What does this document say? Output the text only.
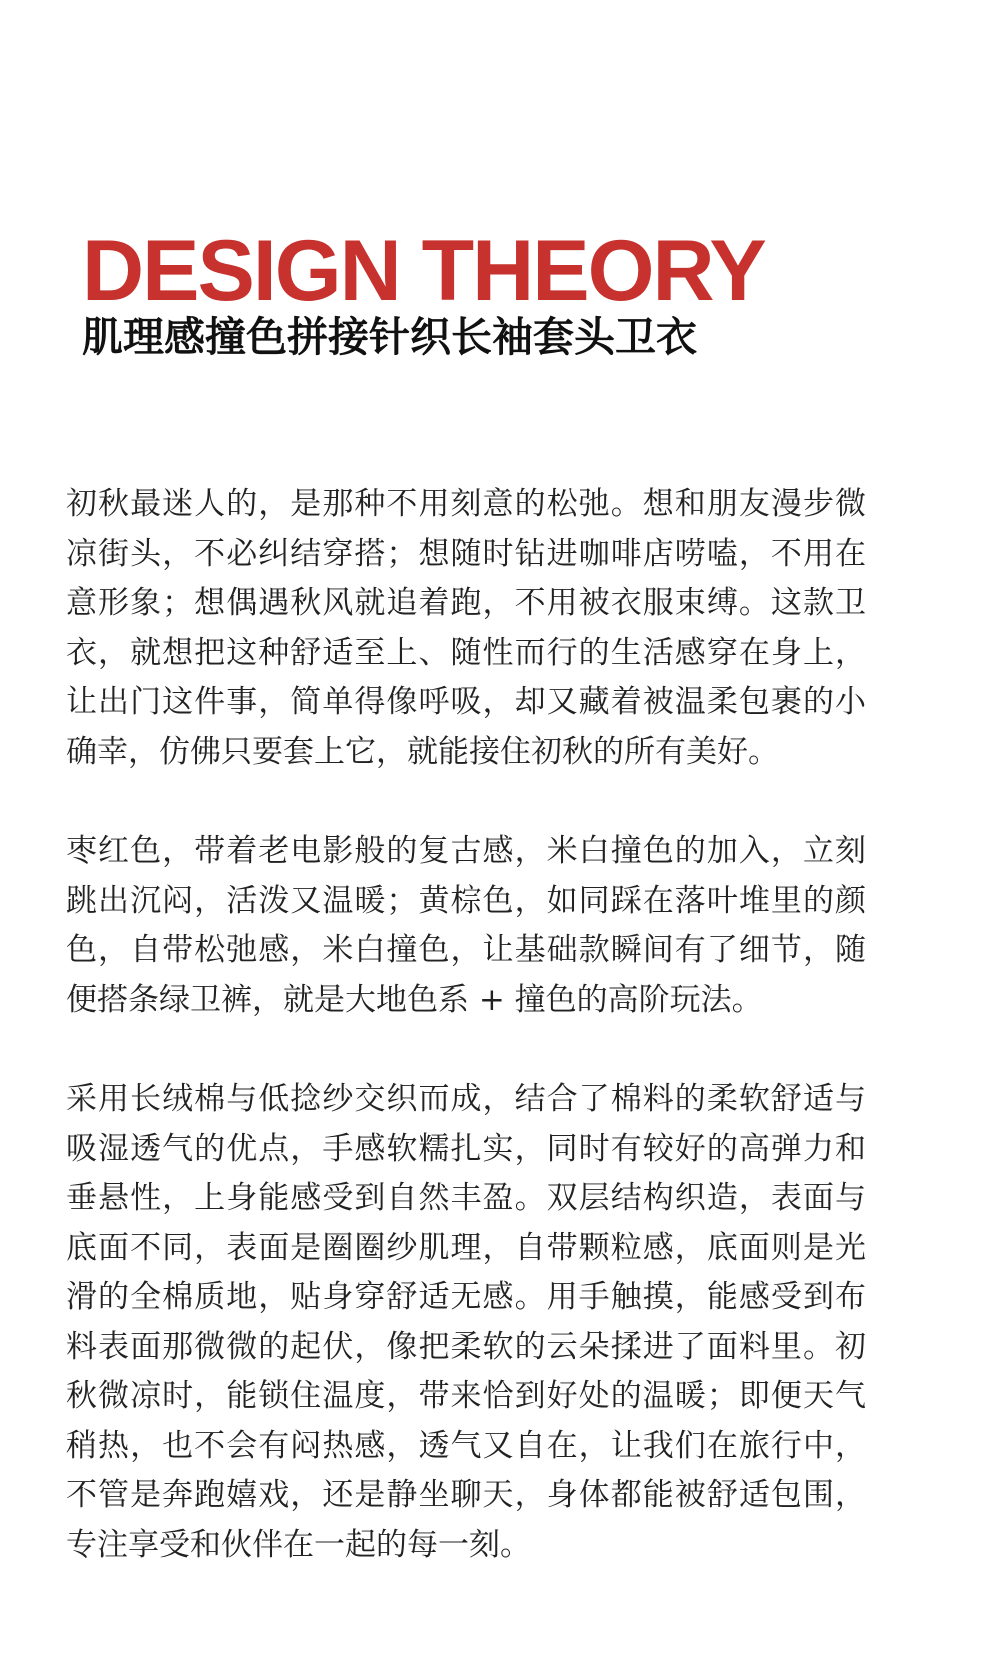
DESIGN THEORY
肌理感撞色拼接针织长袖套头卫衣

初秋最迷人的，是那种不用刻意的松弛。想和朋友漫步微凉街头，不必纠结穿搭；想随时钻进咖啡店唠嗑，不用在意形象；想偶遇秋风就追着跑，不用被衣服束缚。这款卫衣，就想把这种舒适至上、随性而行的生活感穿在身上，让出门这件事，简单得像呼吸，却又藏着被温柔包裹的小确幸，仿佛只要套上它，就能接住初秋的所有美好。

枣红色，带着老电影般的复古感，米白撞色的加入，立刻跳出沉闷，活泼又温暖；黄棕色，如同踩在落叶堆里的颜色，自带松弛感，米白撞色，让基础款瞬间有了细节，随便搭条绿卫裤，就是大地色系 + 撞色的高阶玩法。

采用长绒棉与低捻纱交织而成，结合了棉料的柔软舒适与吸湿透气的优点，手感软糯扎实，同时有较好的高弹力和垂悬性，上身能感受到自然丰盈。双层结构织造，表面与底面不同，表面是圈圈纱肌理，自带颗粒感，底面则是光滑的全棉质地，贴身穿舒适无感。用手触摸，能感受到布料表面那微微的起伏，像把柔软的云朵揉进了面料里。初秋微凉时，能锁住温度，带来恰到好处的温暖；即便天气稍热，也不会有闷热感，透气又自在，让我们在旅行中，不管是奔跑嬉戏，还是静坐聊天，身体都能被舒适包围，专注享受和伙伴在一起的每一刻。
